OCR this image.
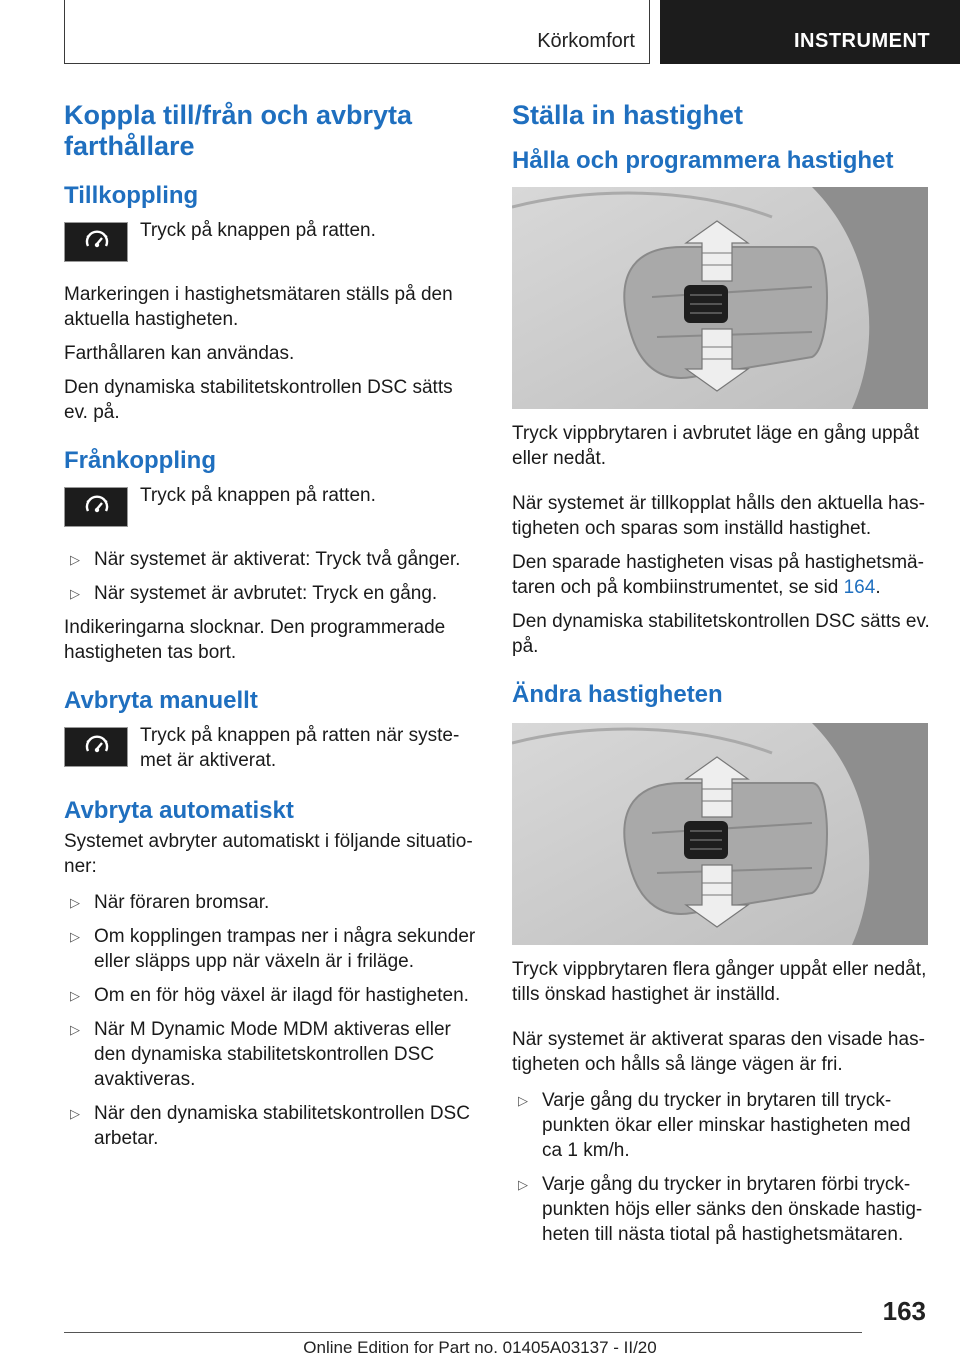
Körkomfort	INSTRUMENT
Koppla till/från och avbryta farthållare
Tillkoppling
Tryck på knappen på ratten.

Markeringen i hastighetsmätaren ställs på den aktuella hastigheten.

Farthållaren kan användas.

Den dynamiska stabilitetskontrollen DSC sätts ev. på.

Frånkoppling
Tryck på knappen på ratten.
▷ När systemet är aktiverat: Tryck två gånger.
▷ När systemet är avbrutet: Tryck en gång.

Indikeringarna slocknar. Den programmerade hastigheten tas bort.

Avbryta manuellt
Tryck på knappen på ratten när syste‐met är aktiverat.
Avbryta automatiskt

Systemet avbryter automatiskt i följande situatio‐ner:

▷ När föraren bromsar.
▷ Om kopplingen trampas ner i några sekunder eller släpps upp när växeln är i friläge.
▷ Om en för hög växel är ilagd för hastigheten.
▷ När M Dynamic Mode MDM aktiveras eller den dynamiska stabilitetskontrollen DSC avaktiveras.
▷ När den dynamiska stabilitetskontrollen DSC arbetar.
Ställa in hastighet
Hålla och programmera hastighet

Tryck vippbrytaren i avbrutet läge en gång uppåt eller nedåt.

När systemet är tillkopplat hålls den aktuella has‐tigheten och sparas som inställd hastighet.

Den sparade hastigheten visas på hastighetsmä‐taren och på kombiinstrumentet, se sid 164.

Den dynamiska stabilitetskontrollen DSC sätts ev. på.

Ändra hastigheten

Tryck vippbrytaren flera gånger uppåt eller nedåt, tills önskad hastighet är inställd.

När systemet är aktiverat sparas den visade has‐tigheten och hålls så länge vägen är fri.

▷ Varje gång du trycker in brytaren till tryck‐punkten ökar eller minskar hastigheten med ca 1 km/h.
▷ Varje gång du trycker in brytaren förbi tryck‐punkten höjs eller sänks den önskade hastig‐heten till nästa tiotal på hastighetsmätaren.
163
Online Edition for Part no. 01405A03137 - II/20
